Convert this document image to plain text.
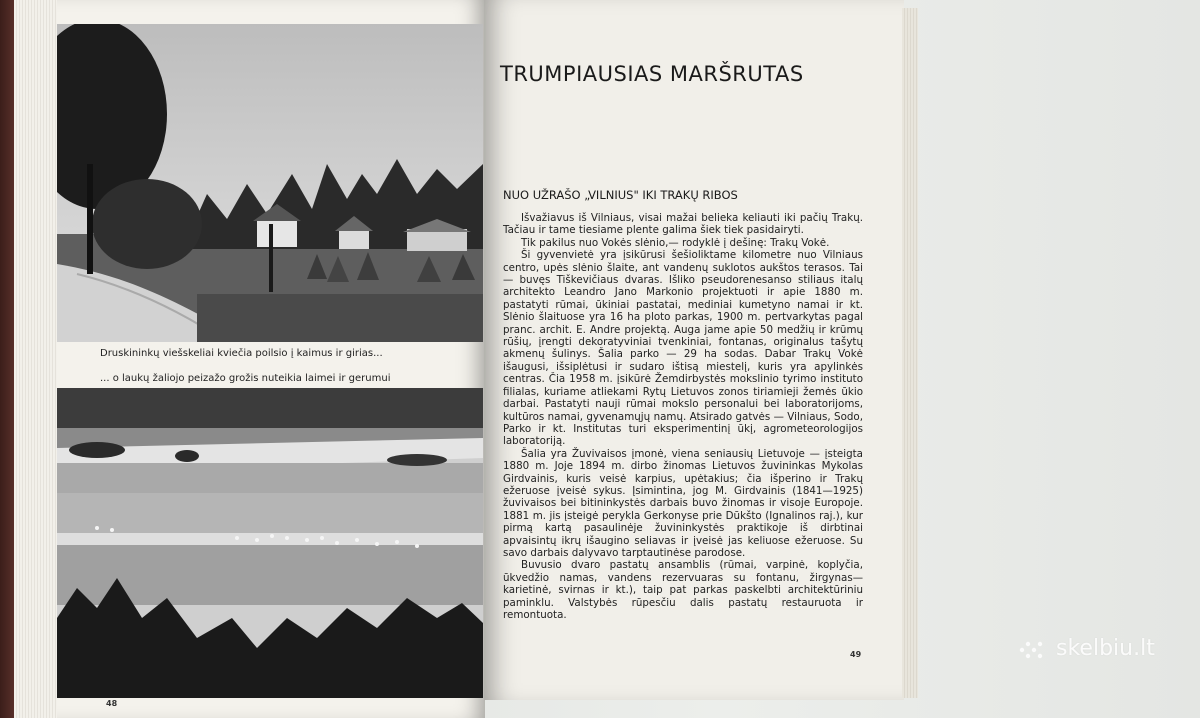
Druskininkų viešskeliai kviečia poilsio į kaimus ir girias...
... o laukų žaliojo peizažo grožis nuteikia laimei ir gerumui
48
TRUMPIAUSIAS MARŠRUTAS
NUO UŽRAŠO „VILNIUS" IKI TRAKŲ RIBOS

Išvažiavus iš Vilniaus, visai mažai belieka keliauti iki pačių Trakų. Tačiau ir tame tiesiame plente galima šiek tiek pasidairyti.

Tik pakilus nuo Vokės slėnio,— rodyklė į dešinę: Trakų Vokė.

Ši gyvenvietė yra įsikūrusi šešioliktame kilometre nuo Vilniaus centro, upės slėnio šlaite, ant vandenų suklotos aukštos terasos. Tai — buvęs Tiškevičiaus dvaras. Išliko pseudorenesanso stiliaus italų architekto Leandro Jano Markonio projektuoti ir apie 1880 m. pastatyti rūmai, ūkiniai pastatai, mediniai kumetyno namai ir kt. Slėnio šlaituose yra 16 ha ploto parkas, 1900 m. pertvarkytas pagal pranc. archit. E. Andre projektą. Auga jame apie 50 medžių ir krūmų rūšių, įrengti dekoratyviniai tvenkiniai, fontanas, originalus tašytų akmenų šulinys. Šalia parko — 29 ha sodas. Dabar Trakų Vokė išaugusi, išsiplėtusi ir sudaro ištisą miestelį, kuris yra apylinkės centras. Čia 1958 m. įsikūrė Žemdirbystės mokslinio tyrimo instituto filialas, kuriame atliekami Rytų Lietuvos zonos tiriamieji žemės ūkio darbai. Pastatyti nauji rūmai mokslo personalui bei laboratorijoms, kultūros namai, gyvenamųjų namų. Atsirado gatvės — Vilniaus, Sodo, Parko ir kt. Institutas turi eksperimentinį ūkį, agrometeorologijos laboratoriją.

Šalia yra Žuvivaisos įmonė, viena seniausių Lietuvoje — įsteigta 1880 m. Joje 1894 m. dirbo žinomas Lietuvos žuvininkas Mykolas Girdvainis, kuris veisė karpius, upėtakius; čia išperino ir Trakų ežeruose įveisė sykus. Įsimintina, jog M. Girdvainis (1841—1925) žuvivaisos bei bitininkystės darbais buvo žinomas ir visoje Europoje. 1881 m. jis įsteigė perykla Gerkonyse prie Dūkšto (Ignalinos raj.), kur pirmą kartą pasaulinėje žuvininkystės praktikoje iš dirbtinai apvaisintų ikrų išaugino seliavas ir įveisė jas keliuose ežeruose. Su savo darbais dalyvavo tarptautinėse parodose.

Buvusio dvaro pastatų ansamblis (rūmai, varpinė, koplyčia, ūkvedžio namas, vandens rezervuaras su fontanu, žirgynas—karietinė, svirnas ir kt.), taip pat parkas paskelbti architektūriniu paminklu. Valstybės rūpesčiu dalis pastatų restauruota ir remontuota.

49	skelbiu.lt
